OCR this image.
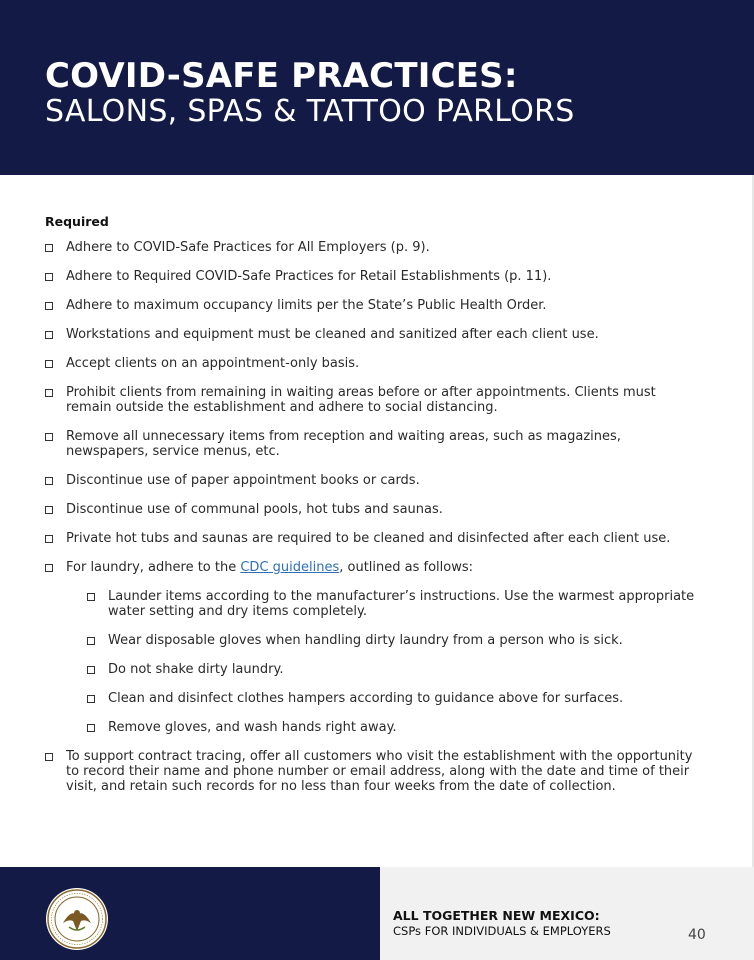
COVID-SAFE PRACTICES:
SALONS, SPAS & TATTOO PARLORS
Required
Adhere to COVID-Safe Practices for All Employers (p. 9).
Adhere to Required COVID-Safe Practices for Retail Establishments (p. 11).
Adhere to maximum occupancy limits per the State’s Public Health Order.
Workstations and equipment must be cleaned and sanitized after each client use.
Accept clients on an appointment-only basis.
Prohibit clients from remaining in waiting areas before or after appointments. Clients must remain outside the establishment and adhere to social distancing.
Remove all unnecessary items from reception and waiting areas, such as magazines, newspapers, service menus, etc.
Discontinue use of paper appointment books or cards.
Discontinue use of communal pools, hot tubs and saunas.
Private hot tubs and saunas are required to be cleaned and disinfected after each client use.
For laundry, adhere to the CDC guidelines, outlined as follows:
Launder items according to the manufacturer’s instructions. Use the warmest appropriate water setting and dry items completely.
Wear disposable gloves when handling dirty laundry from a person who is sick.
Do not shake dirty laundry.
Clean and disinfect clothes hampers according to guidance above for surfaces.
Remove gloves, and wash hands right away.
To support contract tracing, offer all customers who visit the establishment with the opportunity to record their name and phone number or email address, along with the date and time of their visit, and retain such records for no less than four weeks from the date of collection.
ALL TOGETHER NEW MEXICO:
CSPs FOR INDIVIDUALS & EMPLOYERS	40
